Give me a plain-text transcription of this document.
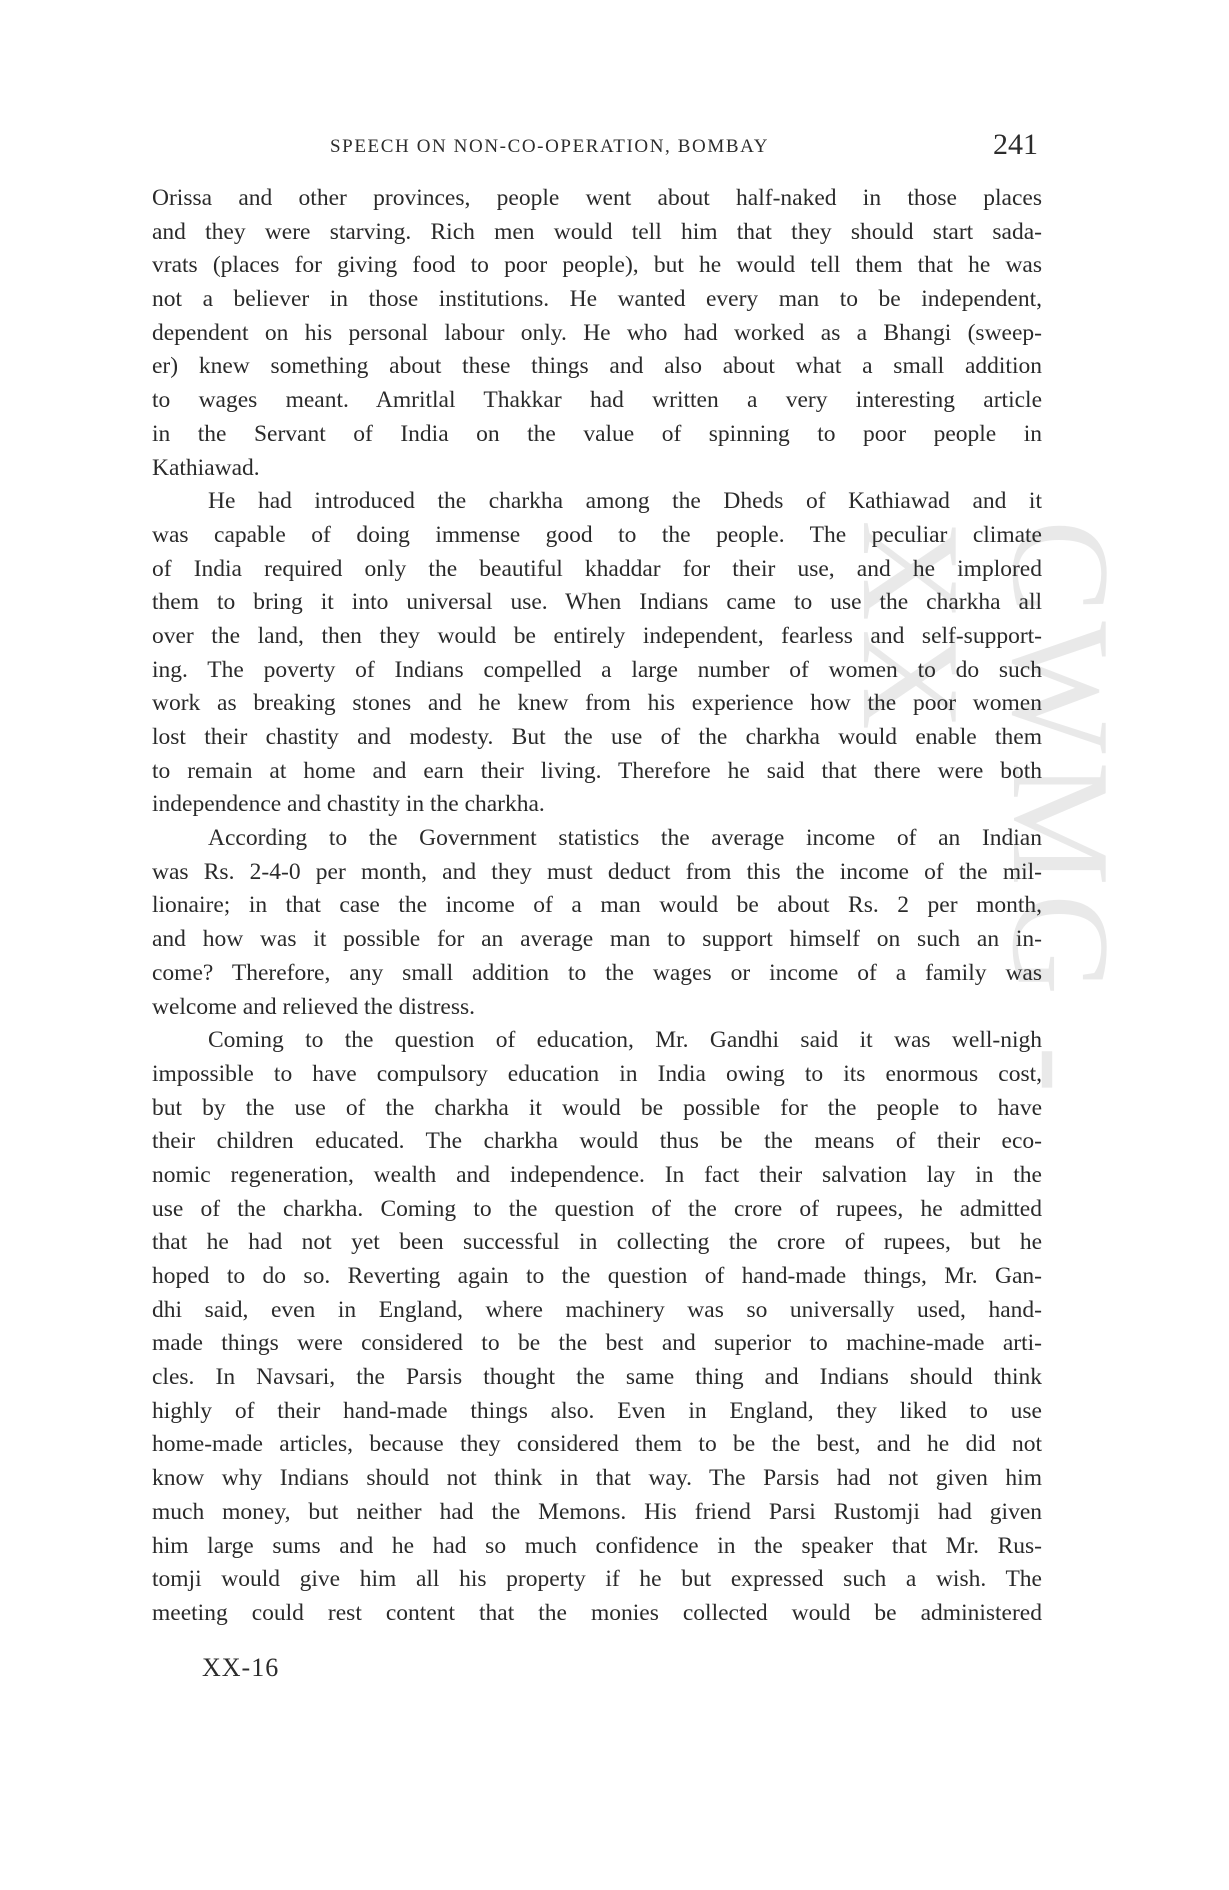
CWMG - XX
SPEECH ON NON-CO-OPERATION, BOMBAY	241
Orissa and other provinces, people went about half-naked in those places
and they were starving. Rich men would tell him that they should start sada-
vrats (places for giving food to poor people), but he would tell them that he was
not a believer in those institutions. He wanted every man to be independent,
dependent on his personal labour only. He who had worked as a Bhangi (sweep-
er) knew something about these things and also about what a small addition
to wages meant. Amritlal Thakkar had written a very interesting article
in the Servant of India on the value of spinning to poor people in
Kathiawad.
He had introduced the charkha among the Dheds of Kathiawad and it
was capable of doing immense good to the people. The peculiar climate
of India required only the beautiful khaddar for their use, and he implored
them to bring it into universal use. When Indians came to use the charkha all
over the land, then they would be entirely independent, fearless and self-support-
ing. The poverty of Indians compelled a large number of women to do such
work as breaking stones and he knew from his experience how the poor women
lost their chastity and modesty. But the use of the charkha would enable them
to remain at home and earn their living. Therefore he said that there were both
independence and chastity in the charkha.
According to the Government statistics the average income of an Indian
was Rs. 2-4-0 per month, and they must deduct from this the income of the mil-
lionaire; in that case the income of a man would be about Rs. 2 per month,
and how was it possible for an average man to support himself on such an in-
come? Therefore, any small addition to the wages or income of a family was
welcome and relieved the distress.
Coming to the question of education, Mr. Gandhi said it was well-nigh
impossible to have compulsory education in India owing to its enormous cost,
but by the use of the charkha it would be possible for the people to have
their children educated. The charkha would thus be the means of their eco-
nomic regeneration, wealth and independence. In fact their salvation lay in the
use of the charkha. Coming to the question of the crore of rupees, he admitted
that he had not yet been successful in collecting the crore of rupees, but he
hoped to do so. Reverting again to the question of hand-made things, Mr. Gan-
dhi said, even in England, where machinery was so universally used, hand-
made things were considered to be the best and superior to machine-made arti-
cles. In Navsari, the Parsis thought the same thing and Indians should think
highly of their hand-made things also. Even in England, they liked to use
home-made articles, because they considered them to be the best, and he did not
know why Indians should not think in that way. The Parsis had not given him
much money, but neither had the Memons. His friend Parsi Rustomji had given
him large sums and he had so much confidence in the speaker that Mr. Rus-
tomji would give him all his property if he but expressed such a wish. The
meeting could rest content that the monies collected would be administered
XX-16
